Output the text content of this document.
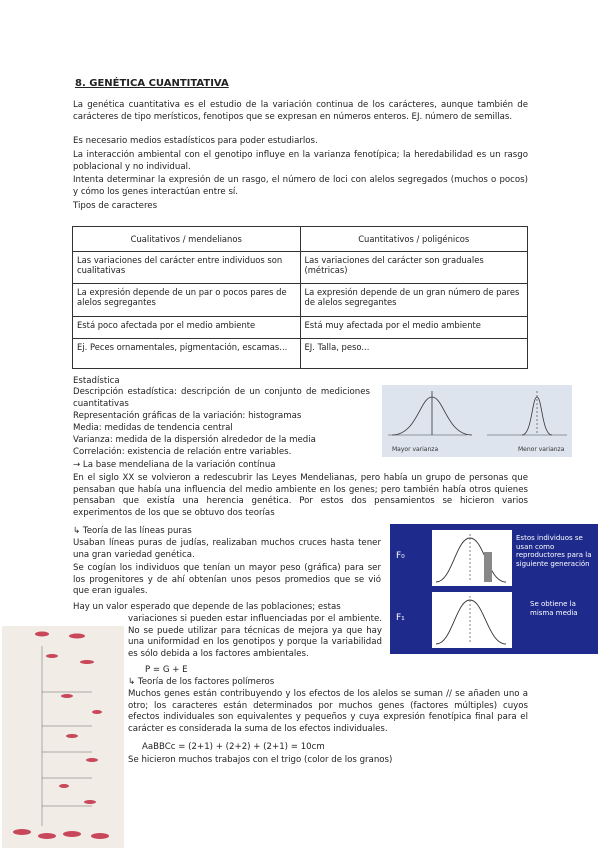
8. GENÉTICA CUANTITATIVA
La genética cuantitativa es el estudio de la variación continua de los carácteres, aunque también de carácteres de tipo merísticos, fenotipos que se expresan en números enteros. EJ. número de semillas.
Es necesario medios estadísticos para poder estudiarlos.
La interacción ambiental con el genotipo influye en la varianza fenotípica; la heredabilidad es un rasgo poblacional y no individual.
Intenta determinar la expresión de un rasgo, el número de loci con alelos segregados (muchos o pocos) y cómo los genes interactúan entre sí.
Tipos de caracteres
Cualitativos / mendelianos	Cuantitativos / poligénicos
Las variaciones del carácter entre individuos son cualitativas	Las variaciones del carácter son graduales (métricas)
La expresión depende de un par o pocos pares de alelos segregantes	La expresión depende de un gran número de pares de alelos segregantes
Está poco afectada por el medio ambiente	Está muy afectada por el medio ambiente
Ej. Peces ornamentales, pigmentación, escamas...	EJ. Talla, peso...
Estadística
Descripción estadística: descripción de un conjunto de mediciones cuantitativas
Representación gráficas de la variación: histogramas
Media: medidas de tendencia central
Varianza: medida de la dispersión alrededor de la media
Correlación: existencia de relación entre variables.	Mayor varianza	Menor varianza
→ La base mendeliana de la variación contínua
En el siglo XX se volvieron a redescubrir las Leyes Mendelianas, pero había un grupo de personas que pensaban que había una influencia del medio ambiente en los genes; pero también había otros quienes pensaban que existía una herencia genética. Por estos dos pensamientos se hicieron varios experimentos de los que se obtuvo dos teorías
↳ Teoría de las líneas puras
Usaban líneas puras de judías, realizaban muchos cruces hasta tener una gran variedad genética.
Se cogían los individuos que tenían un mayor peso (gráfica) para ser los progenitores y de ahí obtenían unos pesos promedios que se vió que eran iguales.
Hay un valor esperado que depende de las poblaciones; estas
variaciones si pueden estar influenciadas por el ambiente. No se puede utilizar para técnicas de mejora ya que hay una uniformidad en los genotipos y porque la variabilidad es sólo debida a los factores ambientales.
P = G + E
↳ Teoría de los factores polímeros
Muchos genes están contribuyendo y los efectos de los alelos se suman // se añaden uno a otro; los caracteres están determinados por muchos genes (factores múltiples) cuyos efectos individuales son equivalentes y pequeños y cuya expresión fenotípica final para el carácter es considerada la suma de los efectos individuales.
AaBBCc = (2+1) + (2+2) + (2+1) = 10cm
Se hicieron muchos trabajos con el trigo (color de los granos)
F₀
F₁
Estos individuos se usan como reproductores para la siguiente generación
Se obtiene la misma media
